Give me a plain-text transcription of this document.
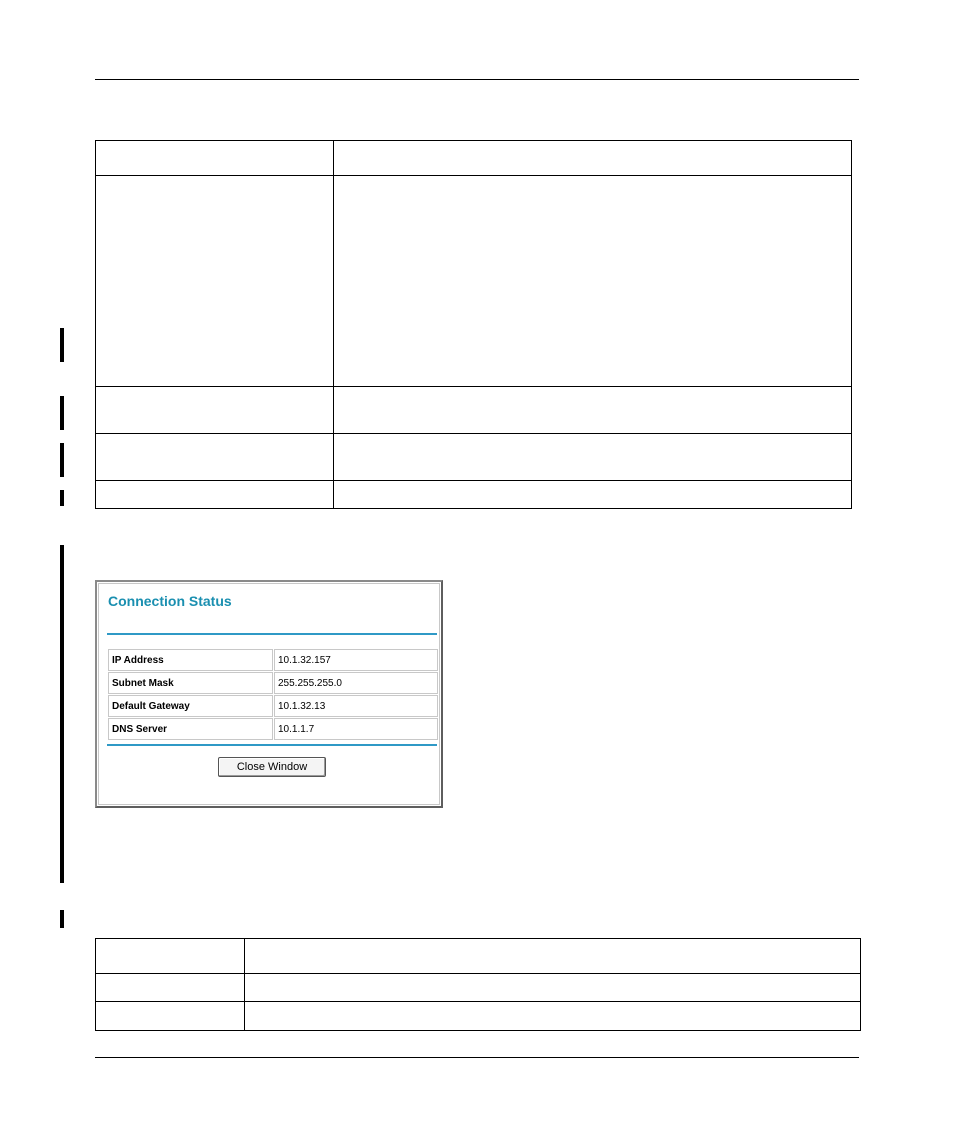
Connection Status
IP Address	10.1.32.157
Subnet Mask	255.255.255.0
Default Gateway	10.1.32.13
DNS Server	10.1.1.7
Close Window
